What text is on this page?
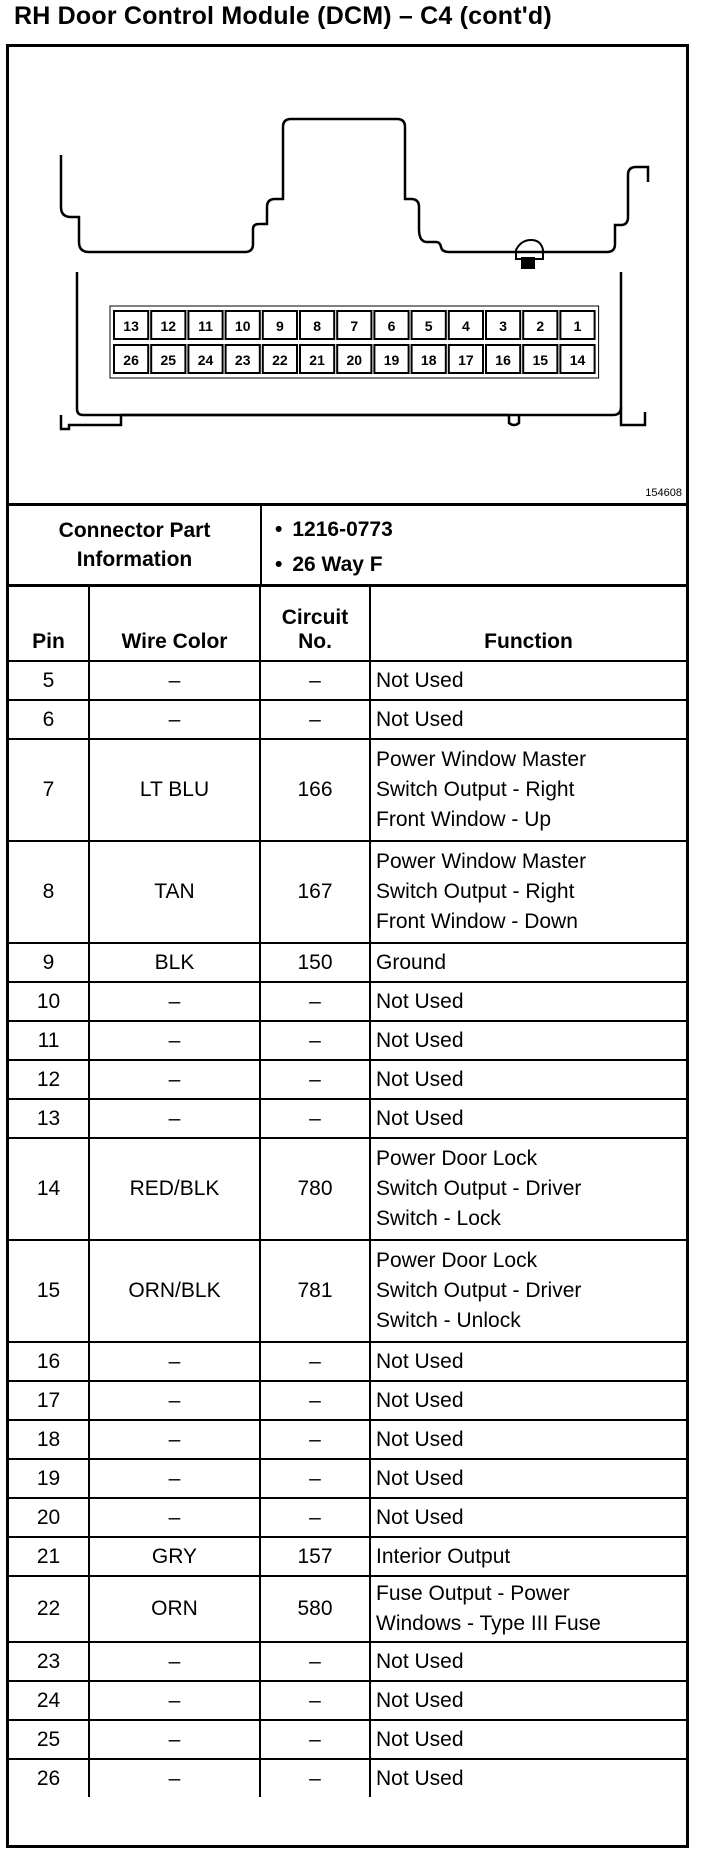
RH Door Control Module (DCM) – C4 (cont'd)
13 12 11 10 9 8 7 6 5 4 3 2 1
26 25 24 23 22 21 20 19 18 17 16 15 14
154608
Connector Part Information
• 1216-0773
• 26 Way F
Pin	Wire Color	Circuit No.	Function
5	–	–	Not Used

6	–	–	Not Used

7	LT BLU	166	Power Window Master
Switch Output - Right
Front Window - Up

8	TAN	167	Power Window Master
Switch Output - Right
Front Window - Down

9	BLK	150	Ground

10	–	–	Not Used

11	–	–	Not Used

12	–	–	Not Used

13	–	–	Not Used

14	RED/BLK	780	Power Door Lock
Switch Output - Driver
Switch - Lock

15	ORN/BLK	781	Power Door Lock
Switch Output - Driver
Switch - Unlock

16	–	–	Not Used

17	–	–	Not Used

18	–	–	Not Used

19	–	–	Not Used

20	–	–	Not Used

21	GRY	157	Interior Output

22	ORN	580	Fuse Output - Power
Windows - Type III Fuse

23	–	–	Not Used

24	–	–	Not Used

25	–	–	Not Used

26	–	–	Not Used
